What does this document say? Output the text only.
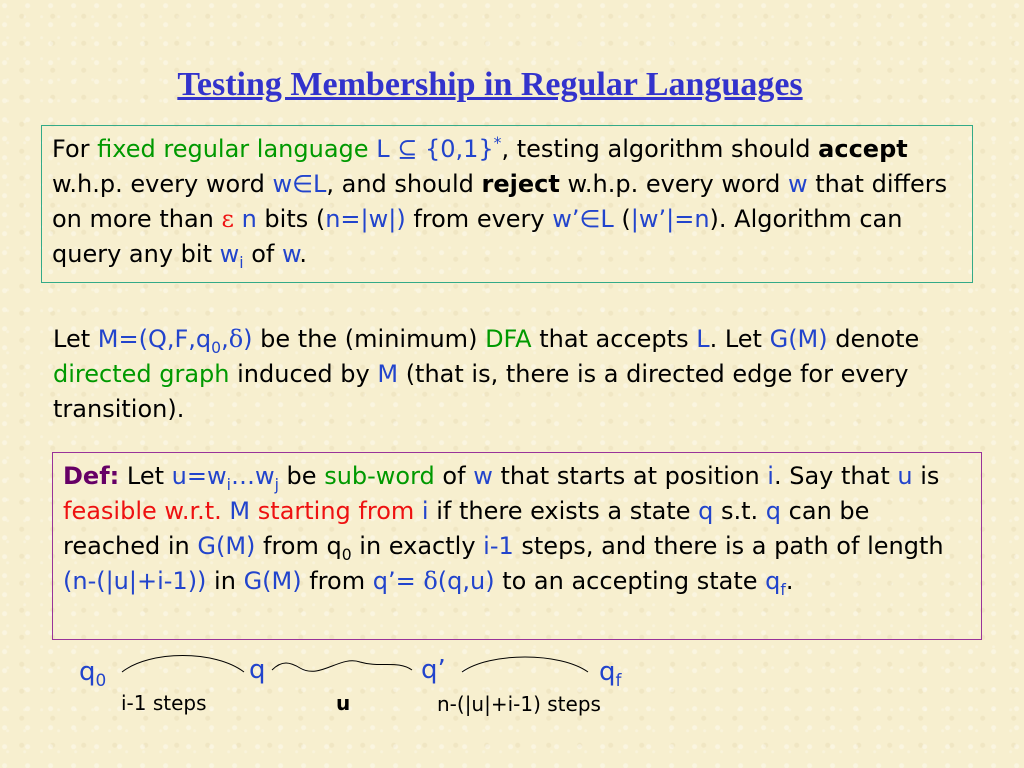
Testing Membership in Regular Languages
For fixed regular language L ⊆ {0,1}*, testing algorithm should accept w.h.p. every word w∈L, and should reject w.h.p. every word w that differs on more than ε n bits (n=|w|) from every w’∈L (|w’|=n). Algorithm can query any bit $w_i$ of w.
Let $M=(Q,F,q_0,\delta)$ be the (minimum) DFA that accepts L. Let G(M) denote directed graph induced by M (that is, there is a directed edge for every transition).
Def: Let $u=w_i\dots w_j$ be sub-word of w that starts at position i. Say that u is feasible w.r.t. M starting from i if there exists a state q s.t. q can be reached in G(M) from $q_0$ in exactly i-1 steps, and there is a path of length (n-(|u|+i-1)) in G(M) from q’= δ(q,u) to an accepting state $q_f$.
$q_0$	q	q’	$q_f$
i-1 steps	u	n-(|u|+i-1) steps
